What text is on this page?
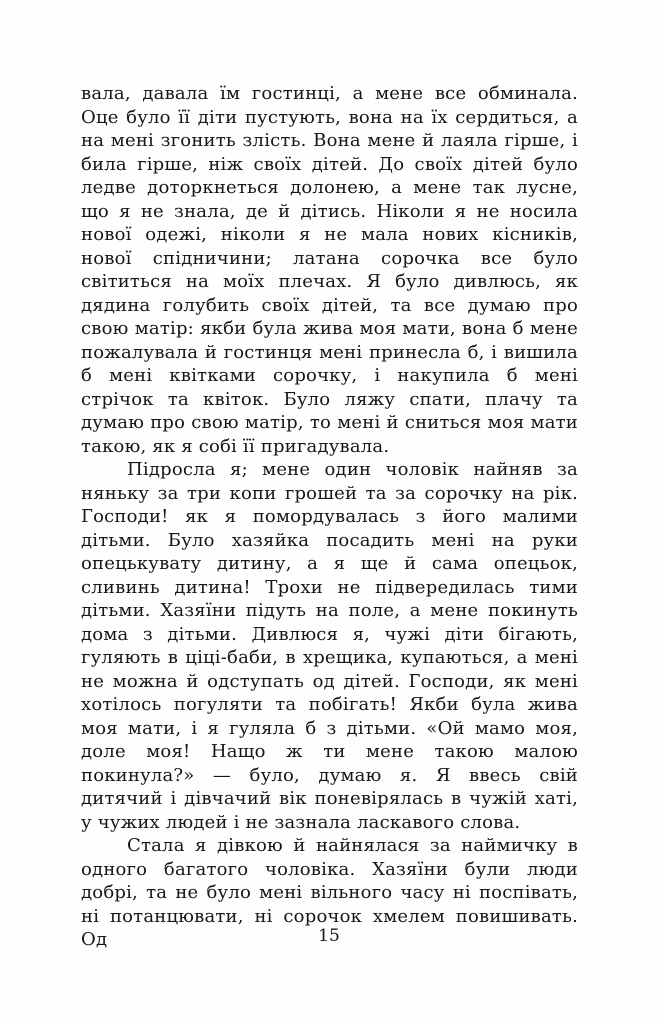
вала, давала їм гостинці, а мене все обминала. Оце було її діти пустують, вона на їх сердиться, а на мені згонить злість. Вона мене й лаяла гірше, і била гірше, ніж своїх дітей. До своїх дітей було ледве доторкнеться долонею, а мене так лусне, що я не знала, де й дітись. Ніколи я не носила нової одежі, ніколи я не мала нових кісників, нової спідничини; латана сорочка все було світиться на моїх плечах. Я було дивлюсь, як дядина голубить своїх дітей, та все думаю про свою матір: якби була жива моя мати, вона б мене пожалувала й гостинця мені принесла б, і вишила б мені квітками сорочку, і накупила б мені стрічок та квіток. Було ляжу спати, плачу та думаю про свою матір, то мені й сниться моя мати такою, як я собі її пригадувала.

Підросла я; мене один чоловік найняв за няньку за три копи грошей та за сорочку на рік. Господи! як я помордувалась з його малими дітьми. Було хазяйка посадить мені на руки опецькувату дитину, а я ще й сама опецьок, сливинь дитина! Трохи не підвередилась тими дітьми. Хазяїни підуть на поле, а мене покинуть дома з дітьми. Дивлюся я, чужі діти бігають, гуляють в ціці-баби, в хрещика, купаються, а мені не можна й одступать од дітей. Господи, як мені хотілось погуляти та побігать! Якби була жива моя мати, і я гуляла б з дітьми. «Ой мамо моя, доле моя! Нащо ж ти мене такою малою покинула?» — було, думаю я. Я ввесь свій дитячий і дівчачий вік поневірялась в чужій хаті, у чужих людей і не зазнала ласкавого слова.

Стала я дівкою й найнялася за наймичку в одного багатого чоловіка. Хазяїни були люди добрі, та не було мені вільного часу ні поспівать, ні потанцювати, ні сорочок хмелем повишивать. Од	15
